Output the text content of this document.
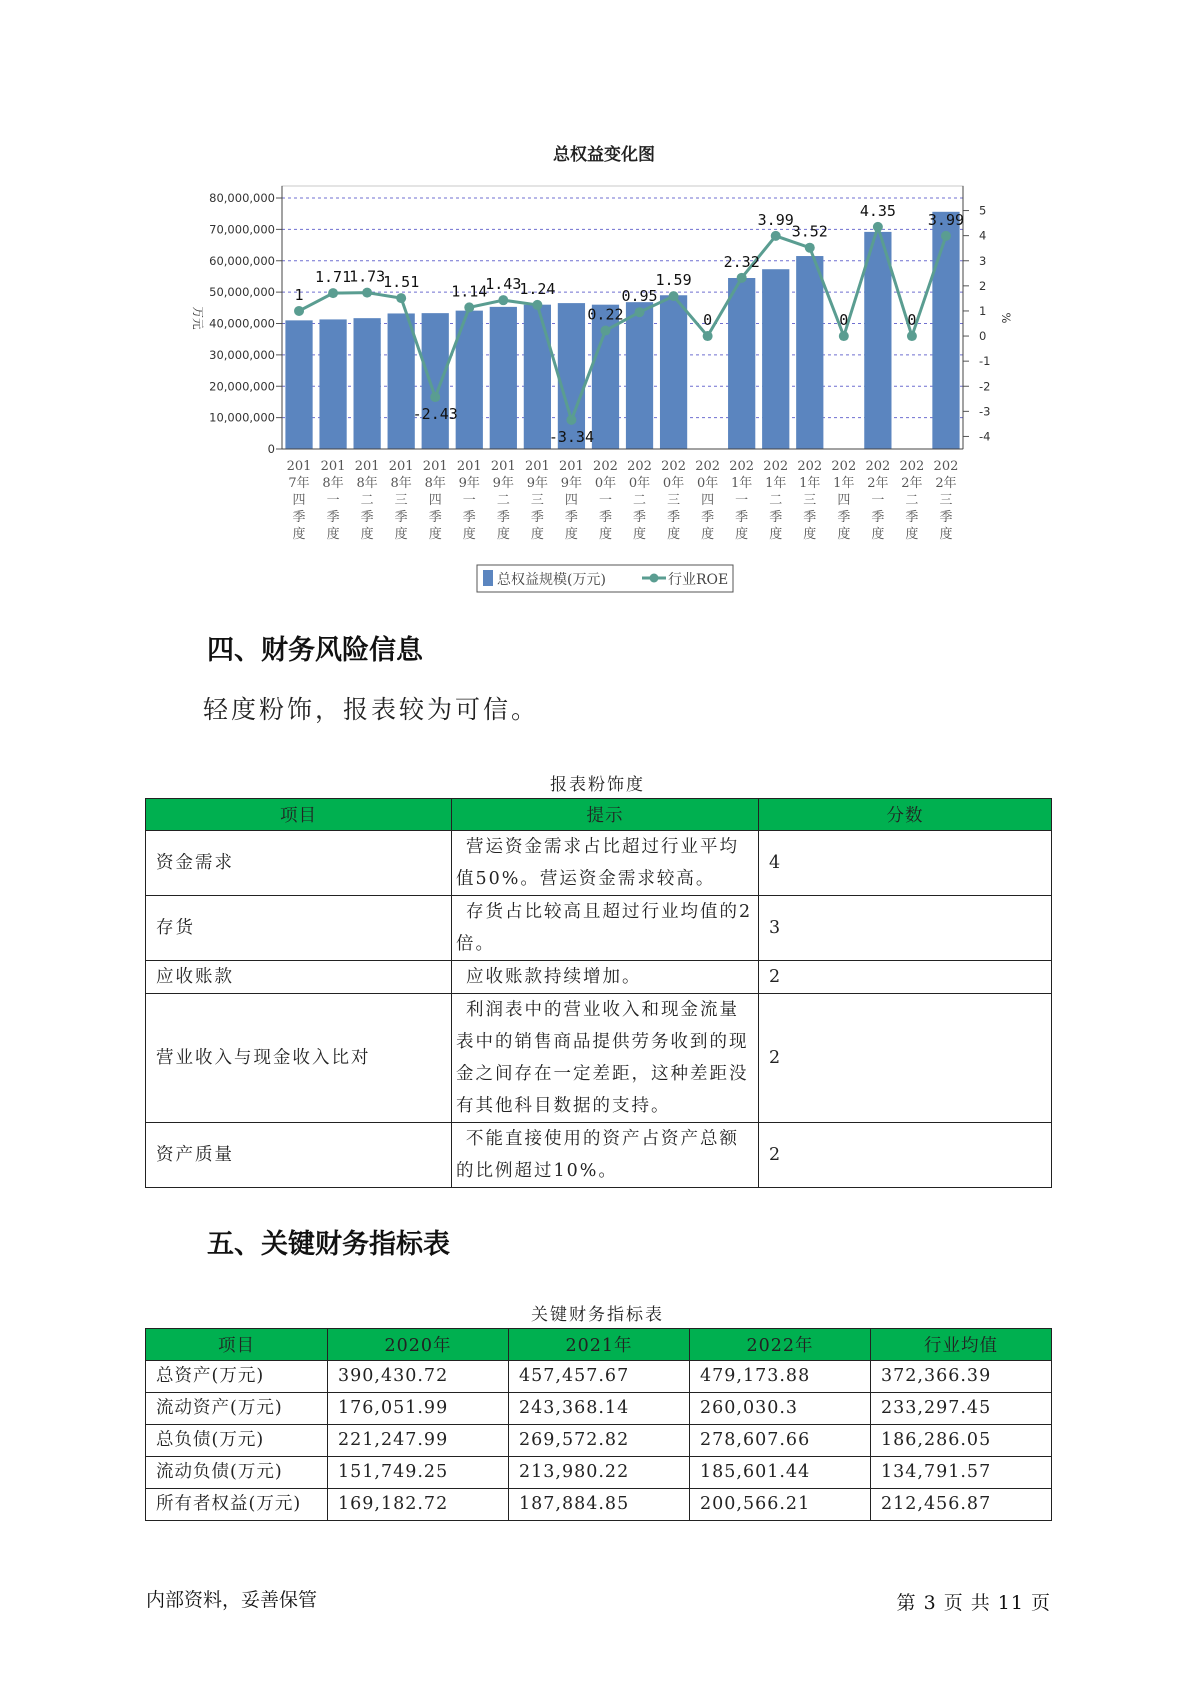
总权益变化图
0
10,000,000
20,000,000
30,000,000
40,000,000
50,000,000
60,000,000
70,000,000
80,000,000
-4
-3
-2
-1
0
1
2
3
4
5
201 7年四季度
201 8年一季度
201 8年二季度
201 8年三季度
201 8年四季度
201 9年一季度
201 9年二季度
201 9年三季度
201 9年四季度
202 0年一季度
202 0年二季度
202 0年三季度
202 0年四季度
202 1年一季度
202 1年二季度
202 1年三季度
202 1年四季度
202 2年一季度
202 2年二季度
202 2年三季度
1
1.71
1.73
1.51
-2.43
1.14
1.43
1.24
-3.34
0.22
0.95
1.59
0
2.32
3.99
3.52
0
4.35
0
3.99
万元	%
总权益规模(万元)	行业ROE
四、财务风险信息

轻度粉饰，报表较为可信。

报表粉饰度
项目	提示	分数
资金需求	营运资金需求占比超过行业平均值50%。营运资金需求较高。	4
存货	存货占比较高且超过行业均值的2倍。	3
应收账款	应收账款持续增加。	2
营业收入与现金收入比对	利润表中的营业收入和现金流量表中的销售商品提供劳务收到的现金之间存在一定差距，这种差距没有其他科目数据的支持。	2
资产质量	不能直接使用的资产占资产总额的比例超过10%。	2
五、关键财务指标表
关键财务指标表
项目	2020年	2021年	2022年	行业均值
总资产(万元)	390,430.72	457,457.67	479,173.88	372,366.39
流动资产(万元)	176,051.99	243,368.14	260,030.3	233,297.45
总负债(万元)	221,247.99	269,572.82	278,607.66	186,286.05
流动负债(万元)	151,749.25	213,980.22	185,601.44	134,791.57
所有者权益(万元)	169,182.72	187,884.85	200,566.21	212,456.87
内部资料，妥善保管	第 3 页 共 11 页
